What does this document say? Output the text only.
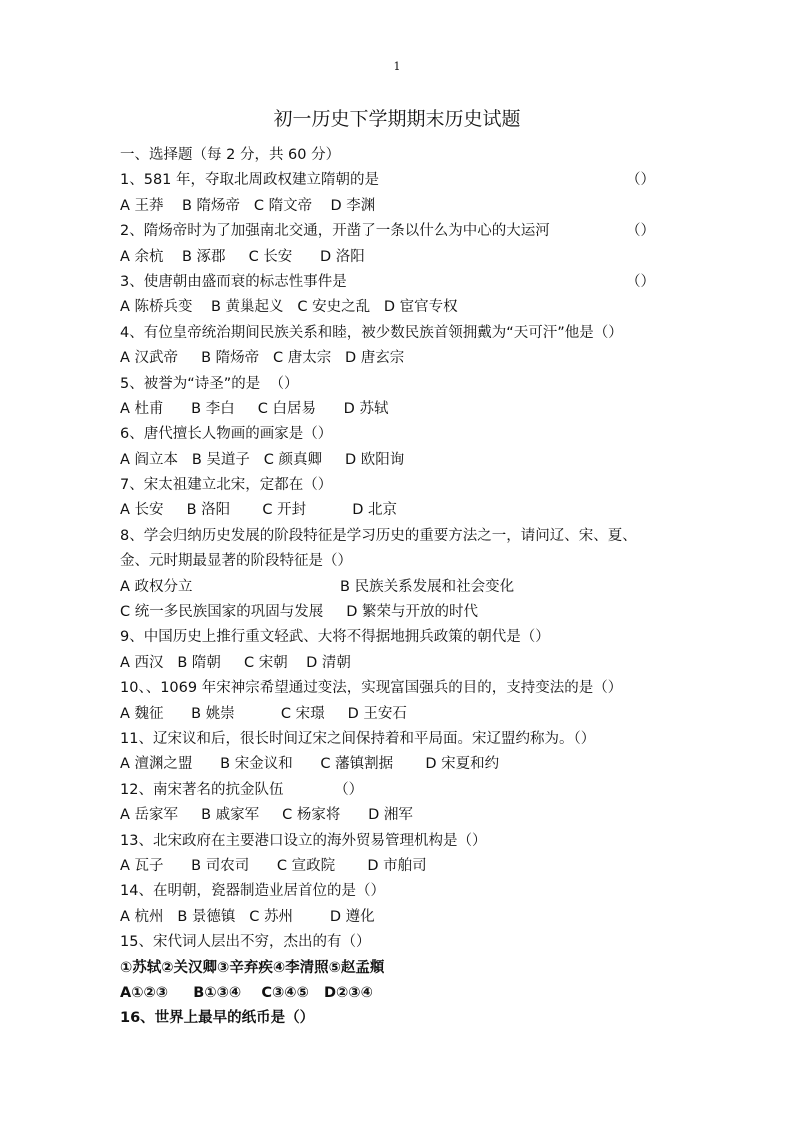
1
初一历史下学期期末历史试题
一、选择题（每 2 分，共 60 分）
1、581 年，夺取北周政权建立隋朝的是	（）
A 王莽    B 隋炀帝   C 隋文帝    D 李渊
2、隋炀帝时为了加强南北交通，开凿了一条以什么为中心的大运河	（）
A 余杭    B 涿郡     C 长安      D 洛阳
3、使唐朝由盛而衰的标志性事件是	（）
A 陈桥兵变    B 黄巢起义   C 安史之乱   D 宦官专权
4、有位皇帝统治期间民族关系和睦，被少数民族首领拥戴为“天可汗”他是（）
A 汉武帝     B 隋炀帝   C 唐太宗   D 唐玄宗
5、被誉为“诗圣”的是  （）
A 杜甫      B 李白     C 白居易      D 苏轼
6、唐代擅长人物画的画家是（）
A 阎立本   B 吴道子   C 颜真卿     D 欧阳询
7、宋太祖建立北宋，定都在（）
A 长安     B 洛阳       C 开封          D 北京
8、学会归纳历史发展的阶段特征是学习历史的重要方法之一，请问辽、宋、夏、
金、元时期最显著的阶段特征是（）
A 政权分立                                B 民族关系发展和社会变化
C 统一多民族国家的巩固与发展     D 繁荣与开放的时代
9、中国历史上推行重文轻武、大将不得据地拥兵政策的朝代是（）
A 西汉   B 隋朝     C 宋朝    D 清朝
10、、1069 年宋神宗希望通过变法，实现富国强兵的目的，支持变法的是（）
A 魏征      B 姚崇          C 宋璟     D 王安石
11、辽宋议和后，很长时间辽宋之间保持着和平局面。宋辽盟约称为。（）
A 澶渊之盟      B 宋金议和      C 藩镇割据       D 宋夏和约
12、南宋著名的抗金队伍           （）
A 岳家军     B 戚家军     C 杨家将      D 湘军
13、北宋政府在主要港口设立的海外贸易管理机构是（）
A 瓦子      B 司农司      C 宣政院       D 市舶司
14、在明朝，瓷器制造业居首位的是（）
A 杭州   B 景德镇   C 苏州        D 遵化
15、宋代词人层出不穷，杰出的有（）
①苏轼②关汉卿③辛弃疾④李清照⑤赵孟頫
A①②③     B①③④    C③④⑤   D②③④
16、世界上最早的纸币是（）
